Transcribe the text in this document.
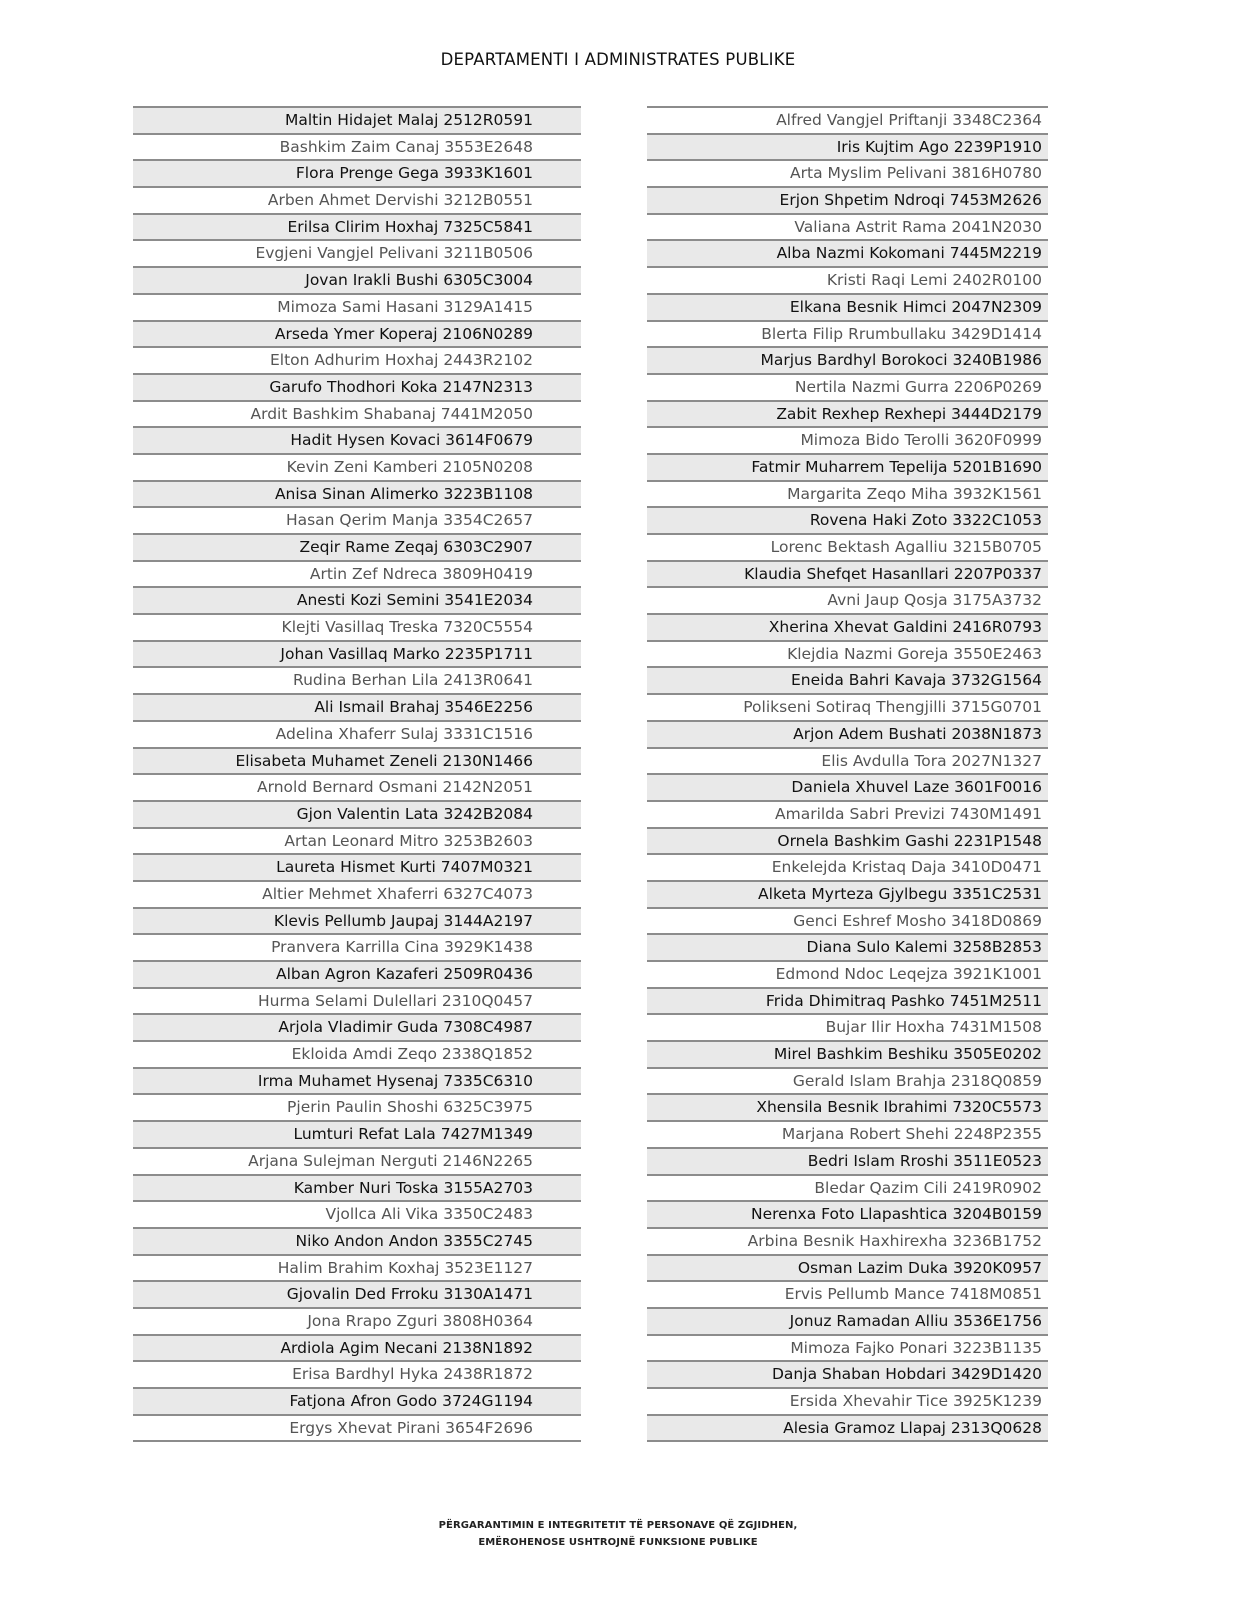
DEPARTAMENTI I ADMINISTRATES PUBLIKE
Maltin Hidajet Malaj 2512R0591
Bashkim Zaim Canaj 3553E2648
Flora Prenge Gega 3933K1601
Arben Ahmet Dervishi 3212B0551
Erilsa Clirim Hoxhaj 7325C5841
Evgjeni Vangjel Pelivani 3211B0506
Jovan Irakli Bushi 6305C3004
Mimoza Sami Hasani 3129A1415
Arseda Ymer Koperaj 2106N0289
Elton Adhurim Hoxhaj 2443R2102
Garufo Thodhori Koka 2147N2313
Ardit Bashkim Shabanaj 7441M2050
Hadit Hysen Kovaci 3614F0679
Kevin Zeni Kamberi 2105N0208
Anisa Sinan Alimerko 3223B1108
Hasan Qerim Manja 3354C2657
Zeqir Rame Zeqaj 6303C2907
Artin Zef Ndreca 3809H0419
Anesti Kozi Semini 3541E2034
Klejti Vasillaq Treska 7320C5554
Johan Vasillaq Marko 2235P1711
Rudina Berhan Lila 2413R0641
Ali Ismail Brahaj 3546E2256
Adelina Xhaferr Sulaj 3331C1516
Elisabeta Muhamet Zeneli 2130N1466
Arnold Bernard Osmani 2142N2051
Gjon Valentin Lata 3242B2084
Artan Leonard Mitro 3253B2603
Laureta Hismet Kurti 7407M0321
Altier Mehmet Xhaferri 6327C4073
Klevis Pellumb Jaupaj 3144A2197
Pranvera Karrilla Cina 3929K1438
Alban Agron Kazaferi 2509R0436
Hurma Selami Dulellari 2310Q0457
Arjola Vladimir Guda 7308C4987
Ekloida Amdi Zeqo 2338Q1852
Irma Muhamet Hysenaj 7335C6310
Pjerin Paulin Shoshi 6325C3975
Lumturi Refat Lala 7427M1349
Arjana Sulejman Nerguti 2146N2265
Kamber Nuri Toska 3155A2703
Vjollca Ali Vika 3350C2483
Niko Andon Andon 3355C2745
Halim Brahim Koxhaj 3523E1127
Gjovalin Ded Frroku 3130A1471
Jona Rrapo Zguri 3808H0364
Ardiola Agim Necani 2138N1892
Erisa Bardhyl Hyka 2438R1872
Fatjona Afron Godo 3724G1194
Ergys Xhevat Pirani 3654F2696
Alfred Vangjel Priftanji 3348C2364
Iris Kujtim Ago 2239P1910
Arta Myslim Pelivani 3816H0780
Erjon Shpetim Ndroqi 7453M2626
Valiana Astrit Rama 2041N2030
Alba Nazmi Kokomani 7445M2219
Kristi Raqi Lemi 2402R0100
Elkana Besnik Himci 2047N2309
Blerta Filip Rrumbullaku 3429D1414
Marjus Bardhyl Borokoci 3240B1986
Nertila Nazmi Gurra 2206P0269
Zabit Rexhep Rexhepi 3444D2179
Mimoza Bido Terolli 3620F0999
Fatmir Muharrem Tepelija 5201B1690
Margarita Zeqo Miha 3932K1561
Rovena Haki Zoto 3322C1053
Lorenc Bektash Agalliu 3215B0705
Klaudia Shefqet Hasanllari 2207P0337
Avni Jaup Qosja 3175A3732
Xherina Xhevat Galdini 2416R0793
Klejdia Nazmi Goreja 3550E2463
Eneida Bahri Kavaja 3732G1564
Polikseni Sotiraq Thengjilli 3715G0701
Arjon Adem Bushati 2038N1873
Elis Avdulla Tora 2027N1327
Daniela Xhuvel Laze 3601F0016
Amarilda Sabri Previzi 7430M1491
Ornela Bashkim Gashi 2231P1548
Enkelejda Kristaq Daja 3410D0471
Alketa Myrteza Gjylbegu 3351C2531
Genci Eshref Mosho 3418D0869
Diana Sulo Kalemi 3258B2853
Edmond Ndoc Leqejza 3921K1001
Frida Dhimitraq Pashko 7451M2511
Bujar Ilir Hoxha 7431M1508
Mirel Bashkim Beshiku 3505E0202
Gerald Islam Brahja 2318Q0859
Xhensila Besnik Ibrahimi 7320C5573
Marjana Robert Shehi 2248P2355
Bedri Islam Rroshi 3511E0523
Bledar Qazim Cili 2419R0902
Nerenxa Foto Llapashtica 3204B0159
Arbina Besnik Haxhirexha 3236B1752
Osman Lazim Duka 3920K0957
Ervis Pellumb Mance 7418M0851
Jonuz Ramadan Alliu 3536E1756
Mimoza Fajko Ponari 3223B1135
Danja Shaban Hobdari 3429D1420
Ersida Xhevahir Tice 3925K1239
Alesia Gramoz Llapaj 2313Q0628
PËRGARANTIMIN E INTEGRITETIT TË PERSONAVE QË ZGJIDHEN,
EMËROHENOSE USHTROJNË FUNKSIONE PUBLIKE
